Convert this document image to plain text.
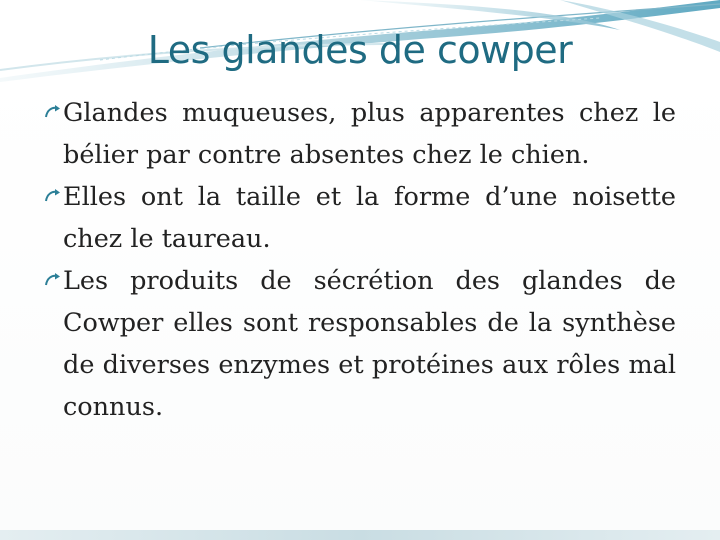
Les glandes de cowper
Glandes muqueuses, plus apparentes chez le bélier par contre absentes chez le chien.
Elles ont la taille et la forme d’une noisette chez le taureau.
Les produits de sécrétion des glandes de Cowper elles sont responsables de la synthèse de diverses enzymes et protéines aux rôles mal connus.
